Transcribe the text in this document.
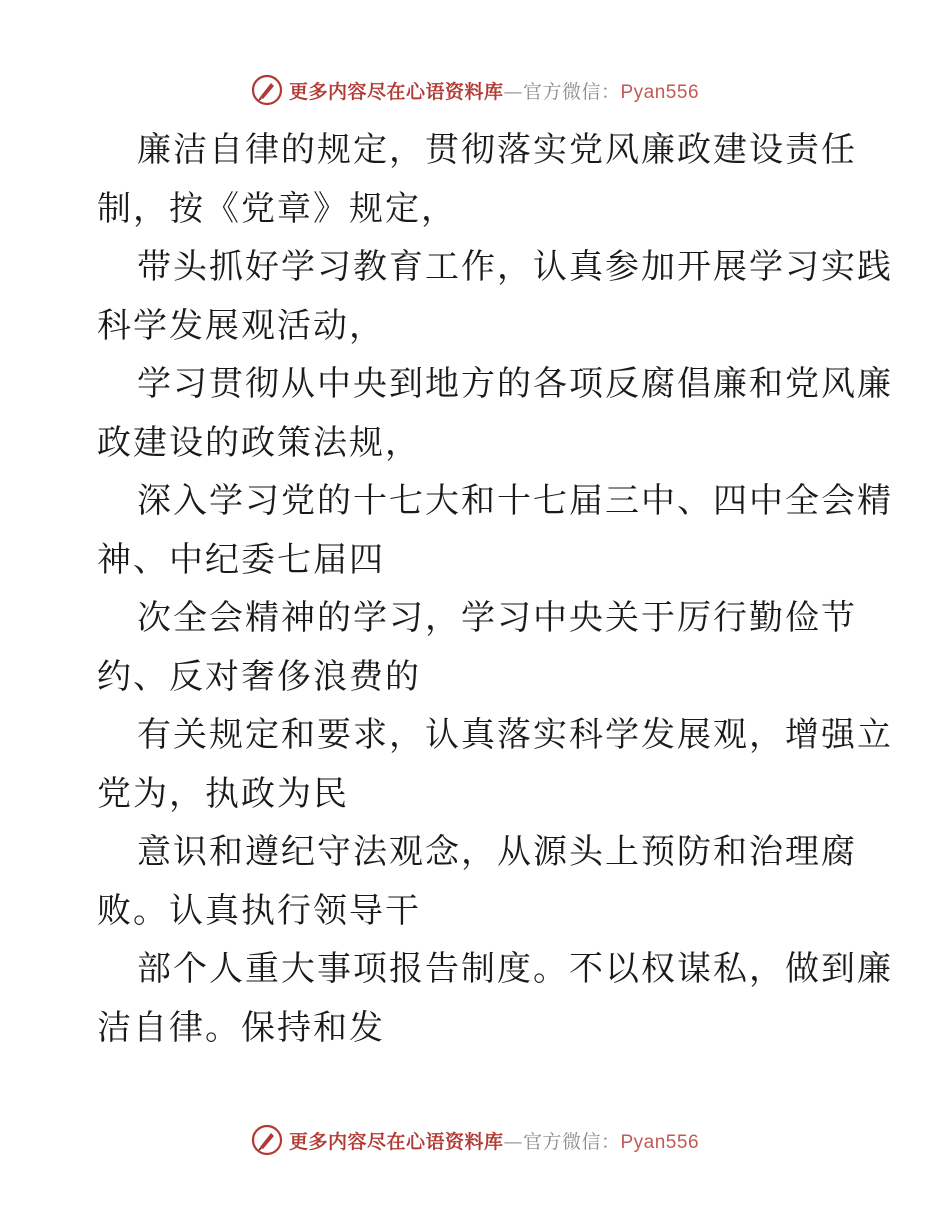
更多内容尽在心语资料库—官方微信：Pyan556

廉洁自律的规定，贯彻落实党风廉政建设责任
制，按《党章》规定，

带头抓好学习教育工作，认真参加开展学习实践
科学发展观活动，

学习贯彻从中央到地方的各项反腐倡廉和党风廉
政建设的政策法规，

深入学习党的十七大和十七届三中、四中全会精
神、中纪委七届四

次全会精神的学习，学习中央关于厉行勤俭节
约、反对奢侈浪费的

有关规定和要求，认真落实科学发展观，增强立
党为，执政为民

意识和遵纪守法观念，从源头上预防和治理腐
败。认真执行领导干

部个人重大事项报告制度。不以权谋私，做到廉
洁自律。保持和发

更多内容尽在心语资料库—官方微信：Pyan556
